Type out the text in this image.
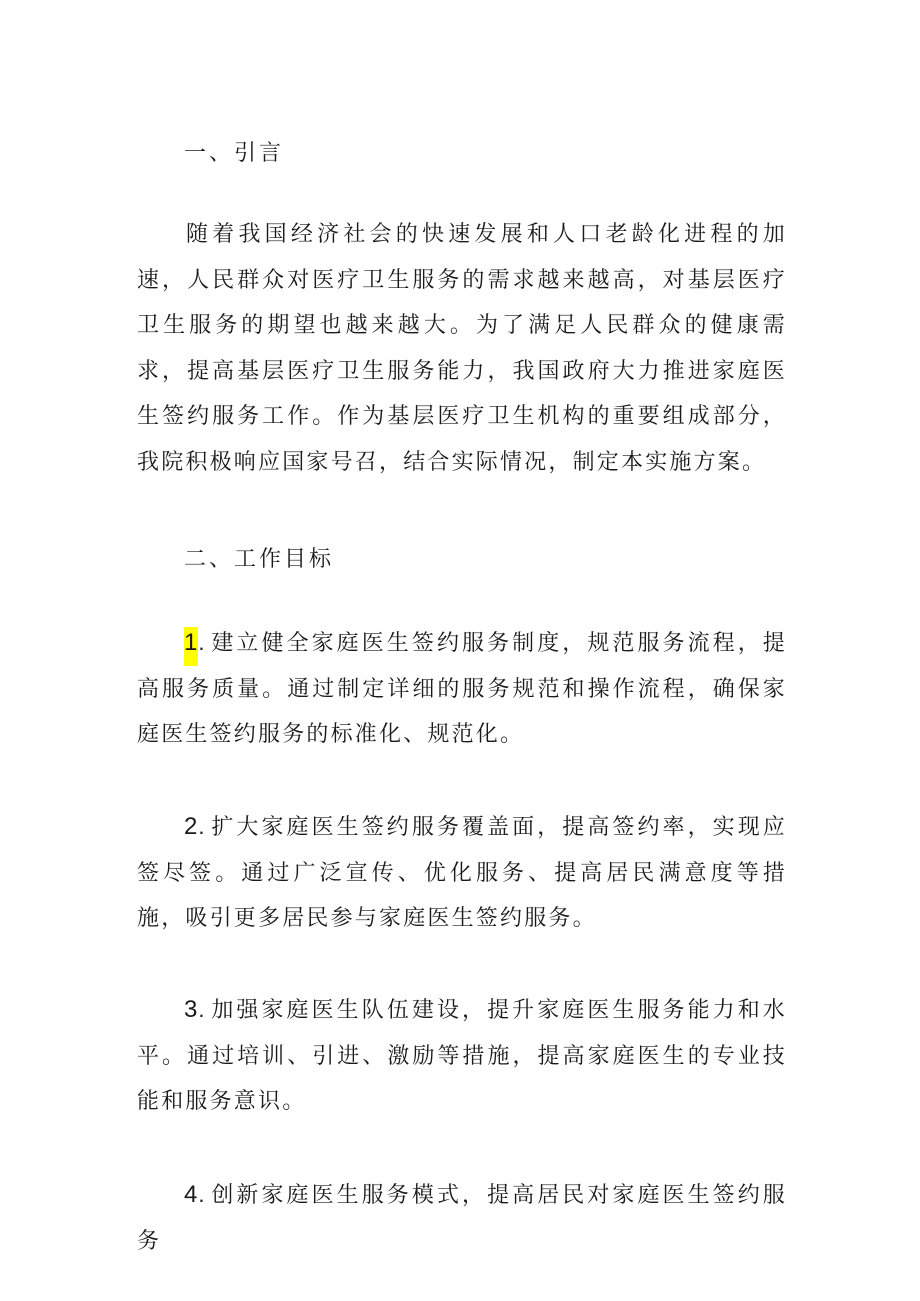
一、引言
随着我国经济社会的快速发展和人口老龄化进程的加速，人民群众对医疗卫生服务的需求越来越高，对基层医疗卫生服务的期望也越来越大。为了满足人民群众的健康需求，提高基层医疗卫生服务能力，我国政府大力推进家庭医生签约服务工作。作为基层医疗卫生机构的重要组成部分，我院积极响应国家号召，结合实际情况，制定本实施方案。
二、工作目标
1.建立健全家庭医生签约服务制度，规范服务流程，提高服务质量。通过制定详细的服务规范和操作流程，确保家庭医生签约服务的标准化、规范化。
2.扩大家庭医生签约服务覆盖面，提高签约率，实现应签尽签。通过广泛宣传、优化服务、提高居民满意度等措施，吸引更多居民参与家庭医生签约服务。
3.加强家庭医生队伍建设，提升家庭医生服务能力和水平。通过培训、引进、激励等措施，提高家庭医生的专业技能和服务意识。
4.创新家庭医生服务模式，提高居民对家庭医生签约服务
